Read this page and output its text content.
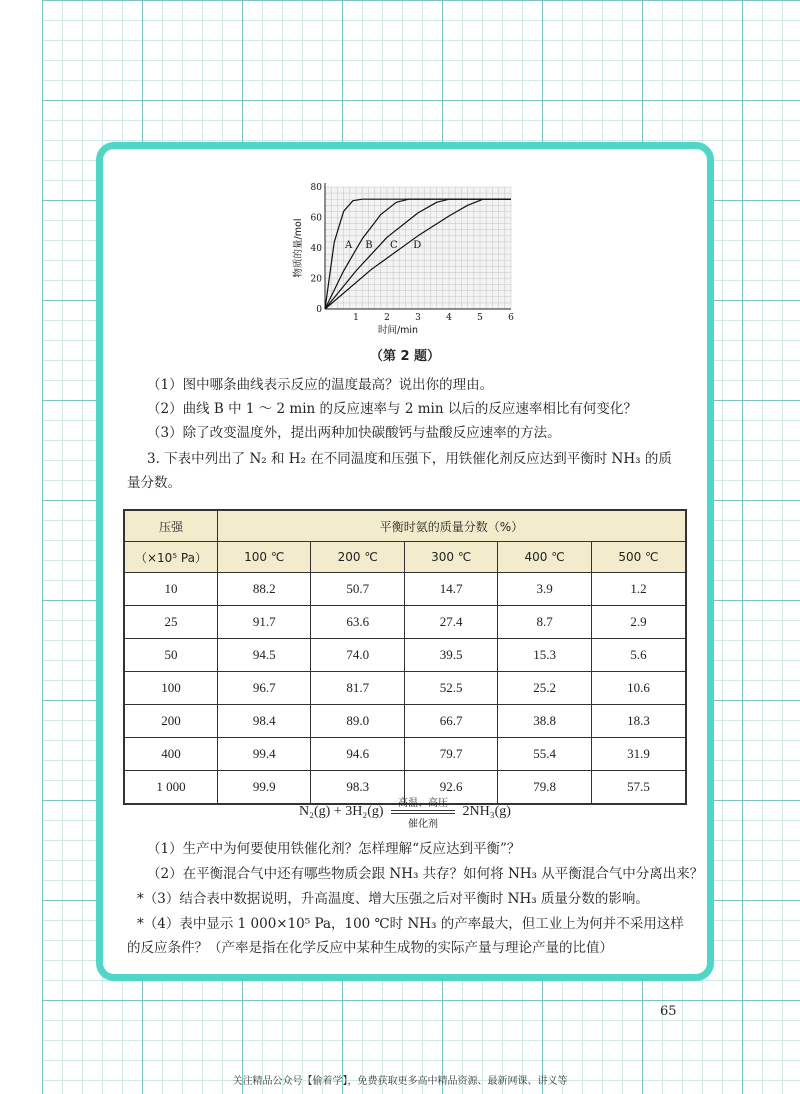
A B C D
1	2	3	4	5	6
0
20
40
60
80
时间/min
物质的量/mol
（第 2 题）
（1）图中哪条曲线表示反应的温度最高？说出你的理由。
（2）曲线 B 中 1 ～ 2 min 的反应速率与 2 min 以后的反应速率相比有何变化？
（3）除了改变温度外，提出两种加快碳酸钙与盐酸反应速率的方法。
3. 下表中列出了 N₂ 和 H₂ 在不同温度和压强下，用铁催化剂反应达到平衡时 NH₃ 的质
量分数。
压强	平衡时氨的质量分数（%）				
（×10⁵ Pa）	100 ℃	200 ℃	300 ℃	400 ℃	500 ℃
10	88.2	50.7	14.7	3.9	1.2
25	91.7	63.6	27.4	8.7	2.9
50	94.5	74.0	39.5	15.3	5.6
100	96.7	81.7	52.5	25.2	10.6
200	98.4	89.0	66.7	38.8	18.3
400	99.4	94.6	79.7	55.4	31.9
1 000	99.9	98.3	92.6	79.8	57.5
N₂(g) + 3H₂(g) 高温、高压
催化剂 2NH₃(g)
（1）生产中为何要使用铁催化剂？怎样理解“反应达到平衡”？
（2）在平衡混合气中还有哪些物质会跟 NH₃ 共存？如何将 NH₃ 从平衡混合气中分离出来？
*（3）结合表中数据说明，升高温度、增大压强之后对平衡时 NH₃ 质量分数的影响。
*（4）表中显示 1 000×10⁵ Pa，100 ℃时 NH₃ 的产率最大，但工业上为何并不采用这样
的反应条件？（产率是指在化学反应中某种生成物的实际产量与理论产量的比值）
65
关注精品公众号【偷着学】，免费获取更多高中精品资源、最新网课、讲义等
